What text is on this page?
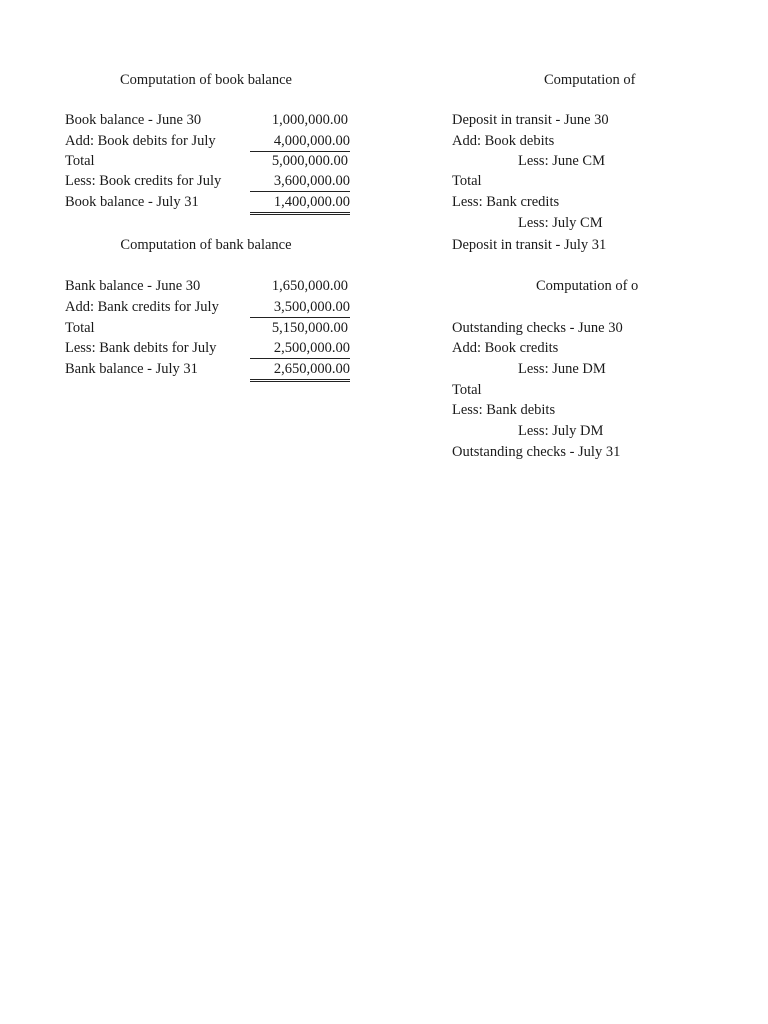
Computation of book balance
Book balance - June 30	1,000,000.00
Add: Book debits for July	4,000,000.00
Total	5,000,000.00
Less: Book credits for July	3,600,000.00
Book balance - July 31	1,400,000.00
Computation of bank balance
Bank balance - June 30	1,650,000.00
Add: Bank credits for July	3,500,000.00
Total	5,150,000.00
Less: Bank debits for July	2,500,000.00
Bank balance - July 31	2,650,000.00
Computation of
Deposit in transit - June 30
Add: Book debits
Less: June CM
Total
Less: Bank credits
Less: July CM
Deposit in transit - July 31
Computation of o
Outstanding checks - June 30
Add: Book credits
Less: June DM
Total
Less: Bank debits
Less: July DM
Outstanding checks - July 31
